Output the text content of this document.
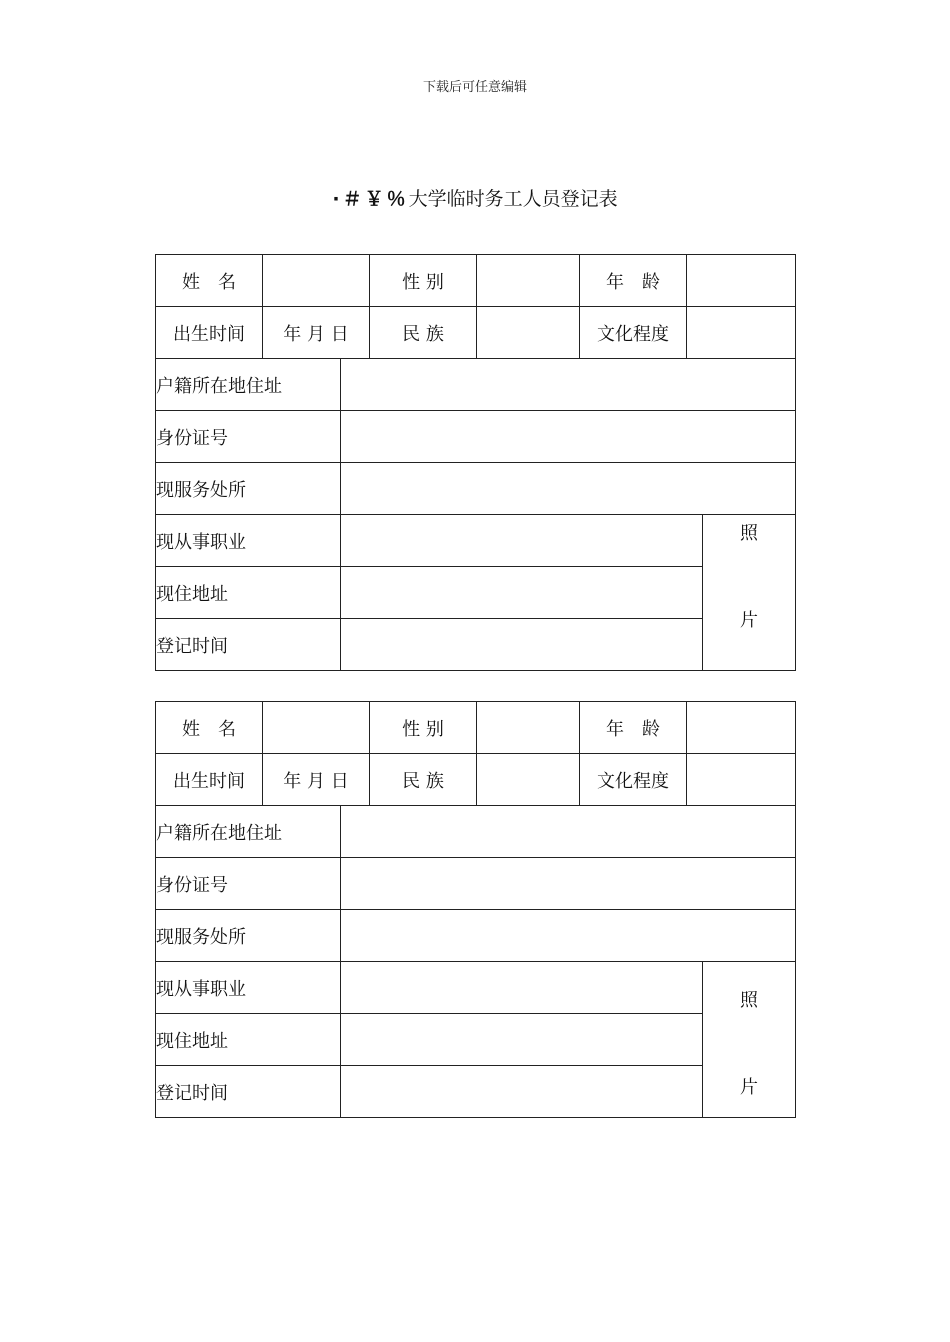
下载后可任意编辑
·＃￥％大学临时务工人员登记表
姓　名			性 别		年　龄		
出生时间	年 月 日		民 族		文化程度		
户籍所在地住址							
身份证号							
现服务处所							
现从事职业							照
片

现住地址							
登记时间							
姓　名			性 别		年　龄		
出生时间	年 月 日		民 族		文化程度		
户籍所在地住址							
身份证号							
现服务处所							
现从事职业							照
片

现住地址							
登记时间							
